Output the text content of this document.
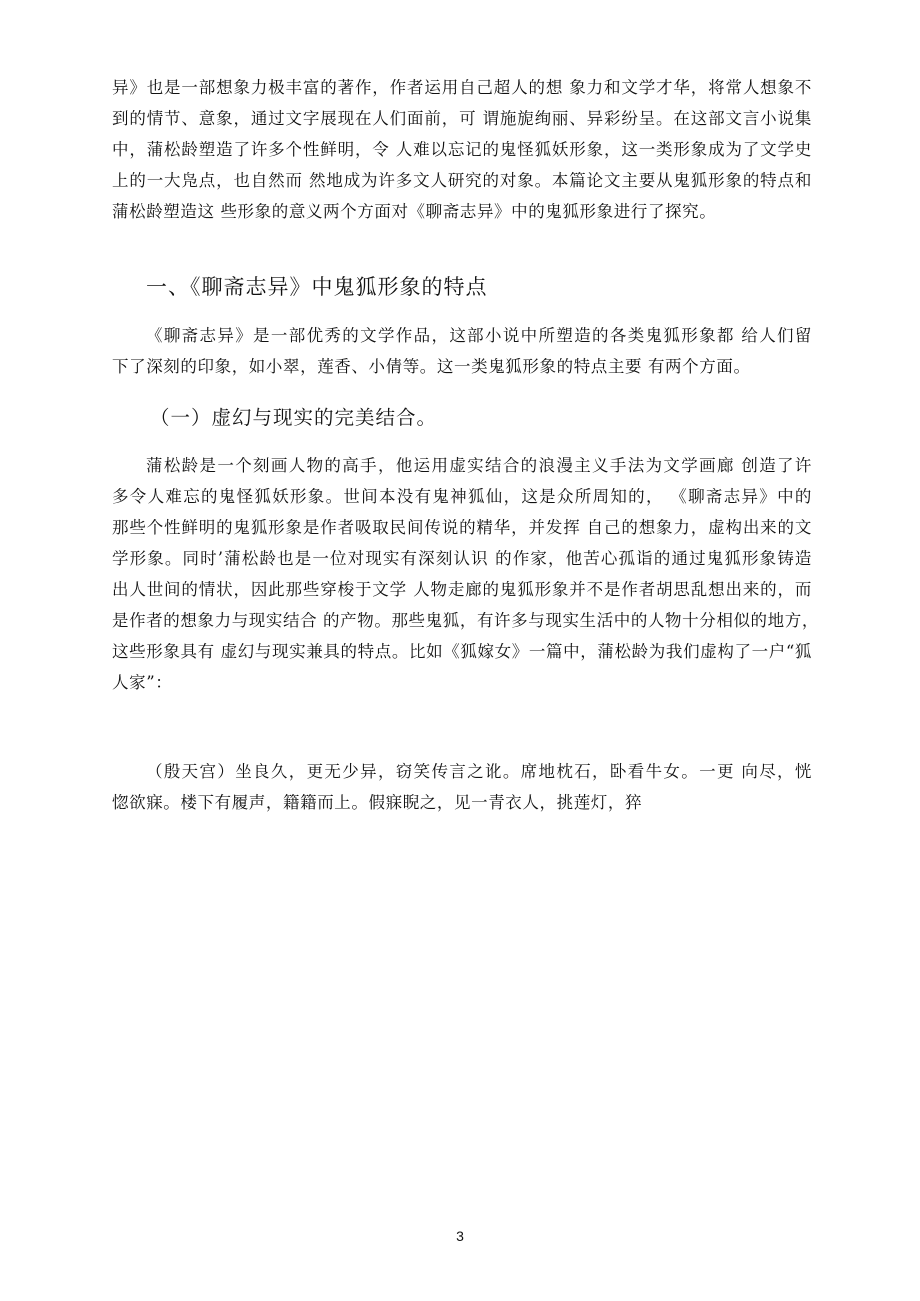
异》也是一部想象力极丰富的著作，作者运用自己超人的想 象力和文学才华，将常人想象不
到的情节、意象，通过文字展现在人们面前，可 谓施旎绚丽、异彩纷呈。在这部文言小说集
中，蒲松龄塑造了许多个性鲜明，令 人难以忘记的鬼怪狐妖形象，这一类形象成为了文学史
上的一大凫点，也自然而 然地成为许多文人研究的对象。本篇论文主要从鬼狐形象的特点和
蒲松龄塑造这 些形象的意义两个方面对《聊斋志异》中的鬼狐形象进行了探究。
一、《聊斋志异》中鬼狐形象的特点
《聊斋志异》是一部优秀的文学作品，这部小说中所塑造的各类鬼狐形象都 给人们留
下了深刻的印象，如小翠，莲香、小倩等。这一类鬼狐形象的特点主要 有两个方面。
（一）虚幻与现实的完美结合。
蒲松龄是一个刻画人物的高手，他运用虚实结合的浪漫主义手法为文学画廊 创造了许
多令人难忘的鬼怪狐妖形象。世间本没有鬼神狐仙，这是众所周知的， 《聊斋志异》中的
那些个性鲜明的鬼狐形象是作者吸取民间传说的精华，并发挥 自己的想象力，虚构出来的文
学形象。同时’蒲松龄也是一位对现实有深刻认识 的作家，他苦心孤诣的通过鬼狐形象铸造
出人世间的情状，因此那些穿梭于文学 人物走廊的鬼狐形象并不是作者胡思乱想出来的，而
是作者的想象力与现实结合 的产物。那些鬼狐，有许多与现实生活中的人物十分相似的地方，
这些形象具有 虚幻与现实兼具的特点。比如《狐嫁女》一篇中，蒲松龄为我们虚构了一户“狐
人家”：
（殷天宫）坐良久，更无少异，窃笑传言之讹。席地枕石，卧看牛女。一更 向尽，恍
惚欲寐。楼下有履声，籍籍而上。假寐睨之，见一青衣人，挑莲灯，猝
3
